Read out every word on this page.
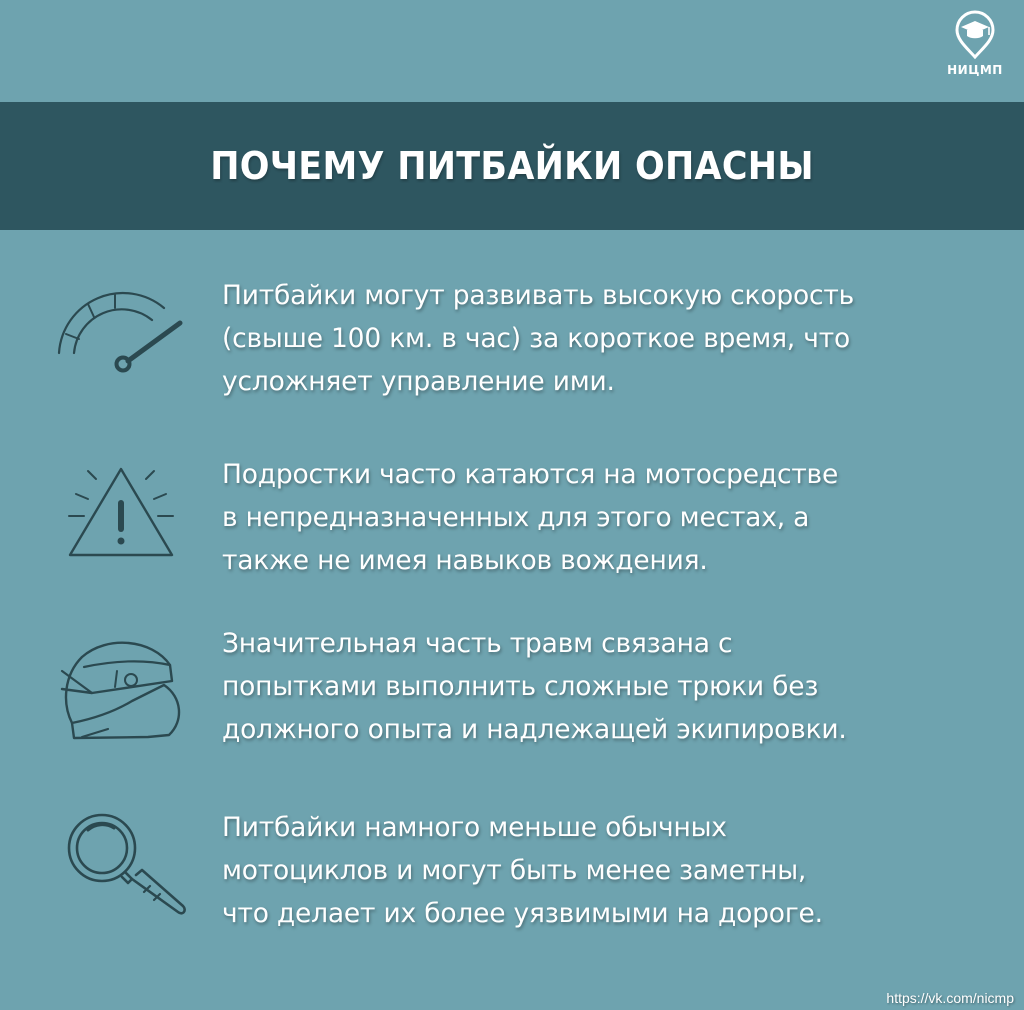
НИЦМП
ПОЧЕМУ ПИТБАЙКИ ОПАСНЫ
Питбайки могут развивать высокую скорость
(свыше 100 км. в час) за короткое время, что
усложняет управление ими.
Подростки часто катаются на мотосредстве
в непредназначенных для этого местах, а
также не имея навыков вождения.
Значительная часть травм связана с
попытками выполнить сложные трюки без
должного опыта и надлежащей экипировки.
Питбайки намного меньше обычных
мотоциклов и могут быть менее заметны,
что делает их более уязвимыми на дороге.
https://vk.com/nicmp
